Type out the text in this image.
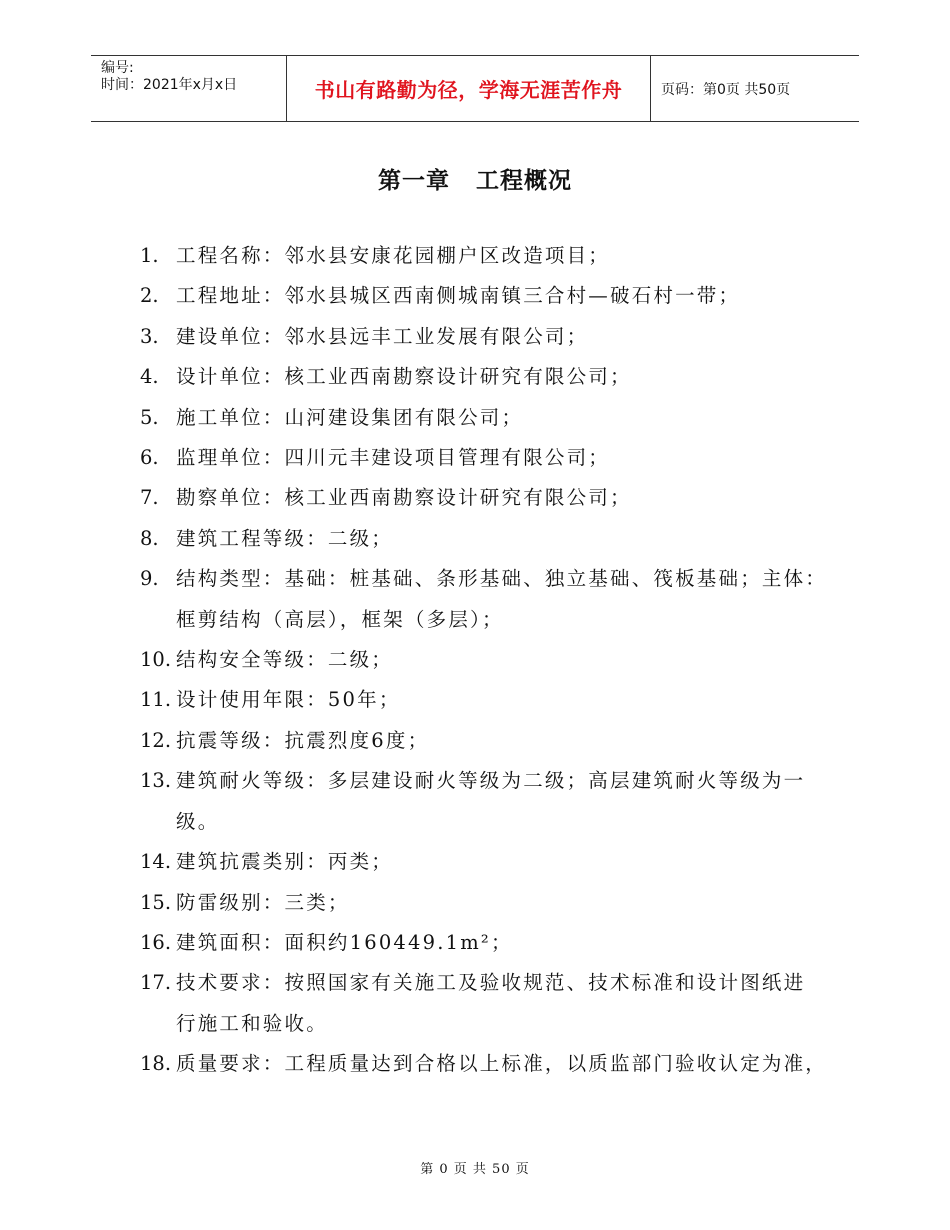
编号:
时间：2021年x月x日	书山有路勤为径，学海无涯苦作舟	页码：第0页 共50页
第一章 工程概况
1. 工程名称：邻水县安康花园棚户区改造项目；
2. 工程地址：邻水县城区西南侧城南镇三合村—破石村一带；
3. 建设单位：邻水县远丰工业发展有限公司；
4. 设计单位：核工业西南勘察设计研究有限公司；
5. 施工单位：山河建设集团有限公司；
6. 监理单位：四川元丰建设项目管理有限公司；
7. 勘察单位：核工业西南勘察设计研究有限公司；
8. 建筑工程等级：二级；
9. 结构类型：基础：桩基础、条形基础、独立基础、筏板基础；主体：
框剪结构（高层），框架（多层）；
10. 结构安全等级：二级；
11. 设计使用年限：50年；
12. 抗震等级：抗震烈度6度；
13. 建筑耐火等级：多层建设耐火等级为二级；高层建筑耐火等级为一
级。
14. 建筑抗震类别：丙类；
15. 防雷级别：三类；
16. 建筑面积：面积约160449.1m²；
17. 技术要求：按照国家有关施工及验收规范、技术标准和设计图纸进
行施工和验收。
18. 质量要求：工程质量达到合格以上标准，以质监部门验收认定为准，
第 0 页 共 50 页
